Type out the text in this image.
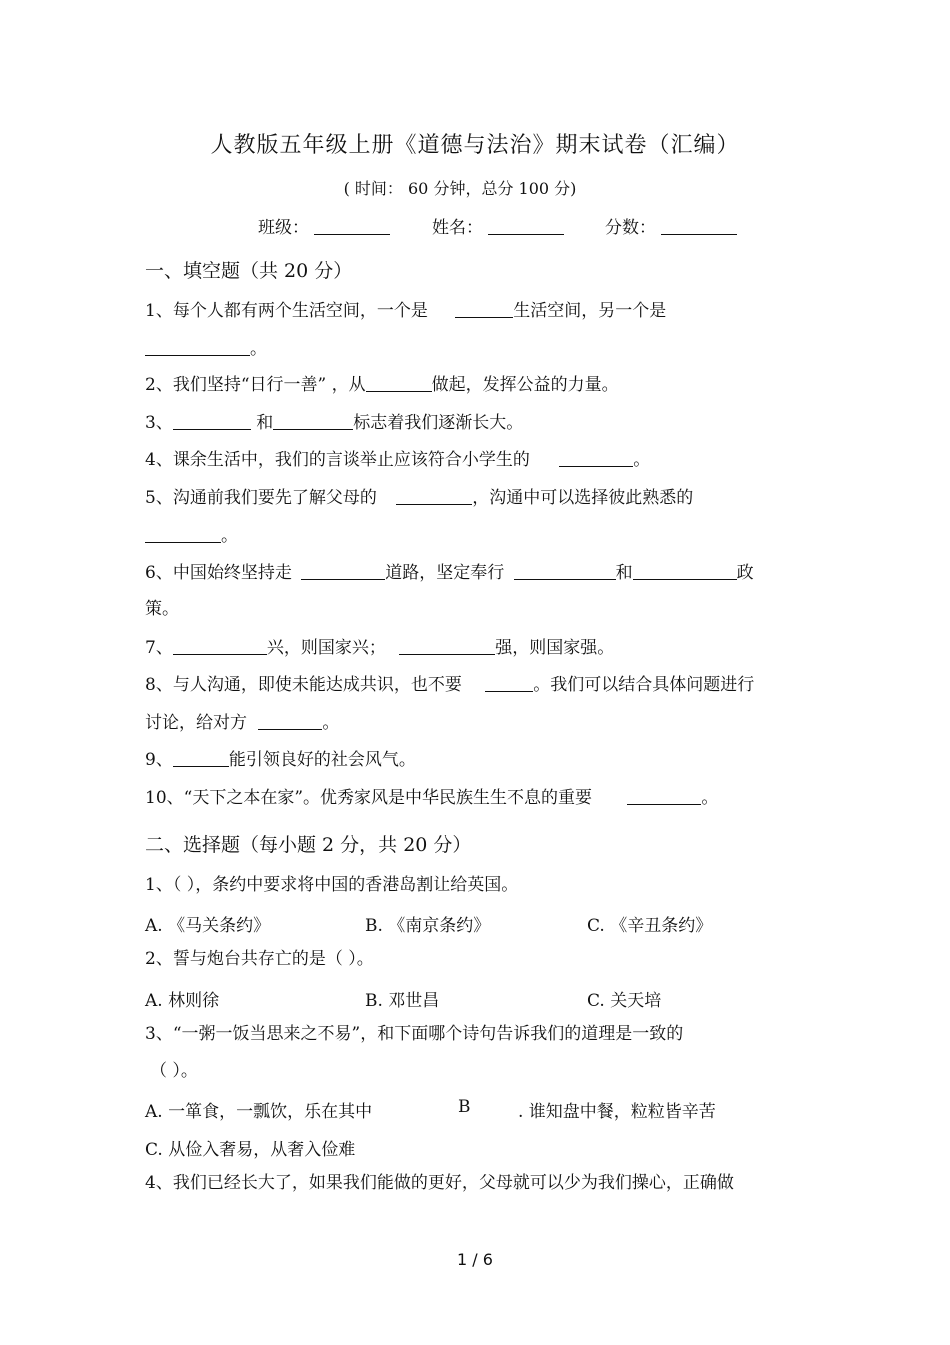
人教版五年级上册《道德与法治》期末试卷（汇编）
( 时间： 60 分钟，总分 100 分)
班级：	姓名：	分数：
一、填空题（共 20 分）
1、每个人都有两个生活空间，一个是	生活空间，另一个是
。
2、我们坚持“日行一善” ，从	做起，发挥公益的力量。
3、	和	标志着我们逐渐长大。
4、课余生活中，我们的言谈举止应该符合小学生的	。
5、沟通前我们要先了解父母的	，沟通中可以选择彼此熟悉的
。
6、中国始终坚持走	道路，坚定奉行	和	政
策。
7、	兴，则国家兴；	强，则国家强。
8、与人沟通，即使未能达成共识，也不要	。我们可以结合具体问题进行
讨论，给对方	。
9、	能引领良好的社会风气。
10、“天下之本在家”。优秀家风是中华民族生生不息的重要	。
二、选择题（每小题 2 分，共 20 分）
1、（ ），条约中要求将中国的香港岛割让给英国。
A. 《马关条约》	B. 《南京条约》	C. 《辛丑条约》
2、誓与炮台共存亡的是（ ）。
A. 林则徐	B. 邓世昌	C. 关天培
3、“一粥一饭当思来之不易”，和下面哪个诗句告诉我们的道理是一致的
（ ）。
A. 一箪食，一瓢饮，乐在其中	B	. 谁知盘中餐，粒粒皆辛苦
C. 从俭入奢易，从奢入俭难
4、我们已经长大了，如果我们能做的更好，父母就可以少为我们操心，正确做
1 / 6
